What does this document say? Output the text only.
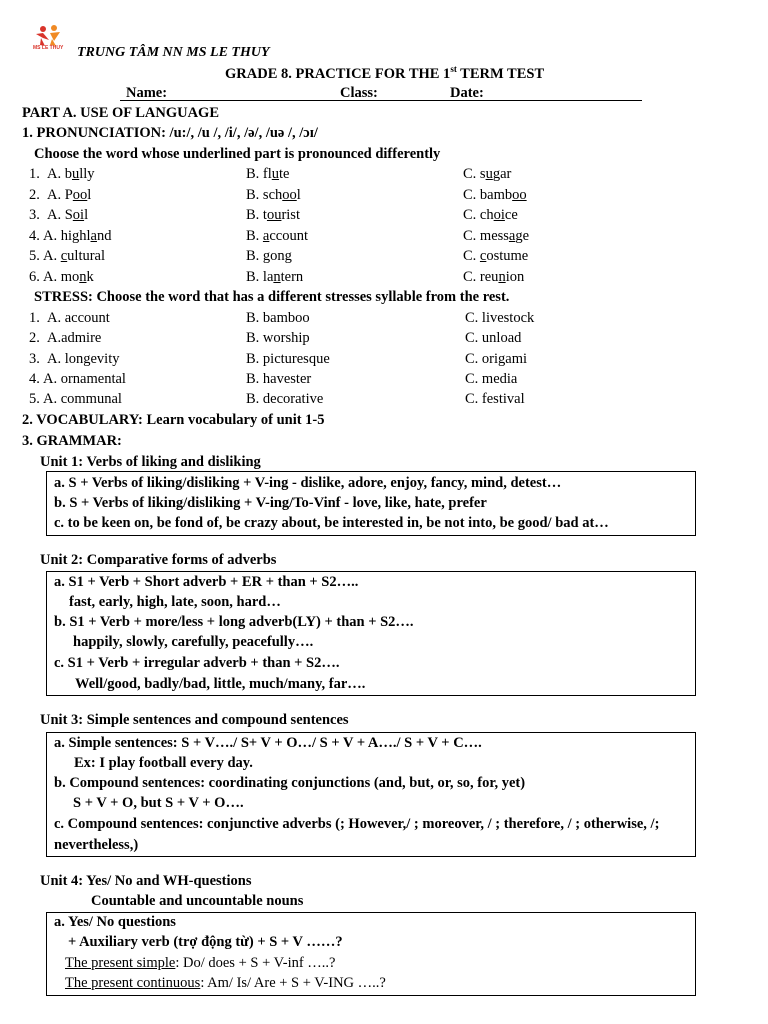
MS LE THUY TRUNG TÂM NN MS LE THUY
GRADE 8. PRACTICE FOR THE 1st TERM TEST
Name:	Class:	Date:
PART A. USE OF LANGUAGE
1. PRONUNCIATION: /u:/, /u /, /i/, /ə/, /uə /, /ɔɪ/
Choose the word whose underlined part is pronounced differently
1. A. bully	B. flute	C. sugar
2. A. Pool	B. school	C. bamboo
3. A. Soil	B. tourist	C. choice
4. A. highland	B. account	C. message
5. A. cultural	B. gong	C. costume
6. A. monk	B. lantern	C. reunion
STRESS: Choose the word that has a different stresses syllable from the rest.
1. A. account	B. bamboo	C. livestock
2. A.admire	B. worship	C. unload
3. A. longevity	B. picturesque	C. origami
4. A. ornamental	B. havester	C. media
5. A. communal	B. decorative	C. festival
2. VOCABULARY: Learn vocabulary of unit 1-5
3. GRAMMAR:
Unit 1: Verbs of liking and disliking
a. S + Verbs of liking/disliking + V-ing - dislike, adore, enjoy, fancy, mind, detest…
b. S + Verbs of liking/disliking + V-ing/To-Vinf - love, like, hate, prefer
c. to be keen on, be fond of, be crazy about, be interested in, be not into, be good/ bad at…
Unit 2: Comparative forms of adverbs
a. S1 + Verb + Short adverb + ER + than + S2…..
fast, early, high, late, soon, hard…
b. S1 + Verb + more/less + long adverb(LY) + than + S2….
happily, slowly, carefully, peacefully….
c. S1 + Verb + irregular adverb + than + S2….
Well/good, badly/bad, little, much/many, far….
Unit 3: Simple sentences and compound sentences
a. Simple sentences: S + V…./ S+ V + O…/ S + V + A…./ S + V + C….
Ex: I play football every day.
b. Compound sentences: coordinating conjunctions (and, but, or, so, for, yet)
S + V + O, but S + V + O….
c. Compound sentences: conjunctive adverbs (; However,/ ; moreover, / ; therefore, / ; otherwise, /;
nevertheless,)
Unit 4: Yes/ No and WH-questions
Countable and uncountable nouns
a. Yes/ No questions
+ Auxiliary verb (trợ động từ) + S + V ……?
The present simple: Do/ does + S + V-inf …..?
The present continuous: Am/ Is/ Are + S + V-ING …..?
